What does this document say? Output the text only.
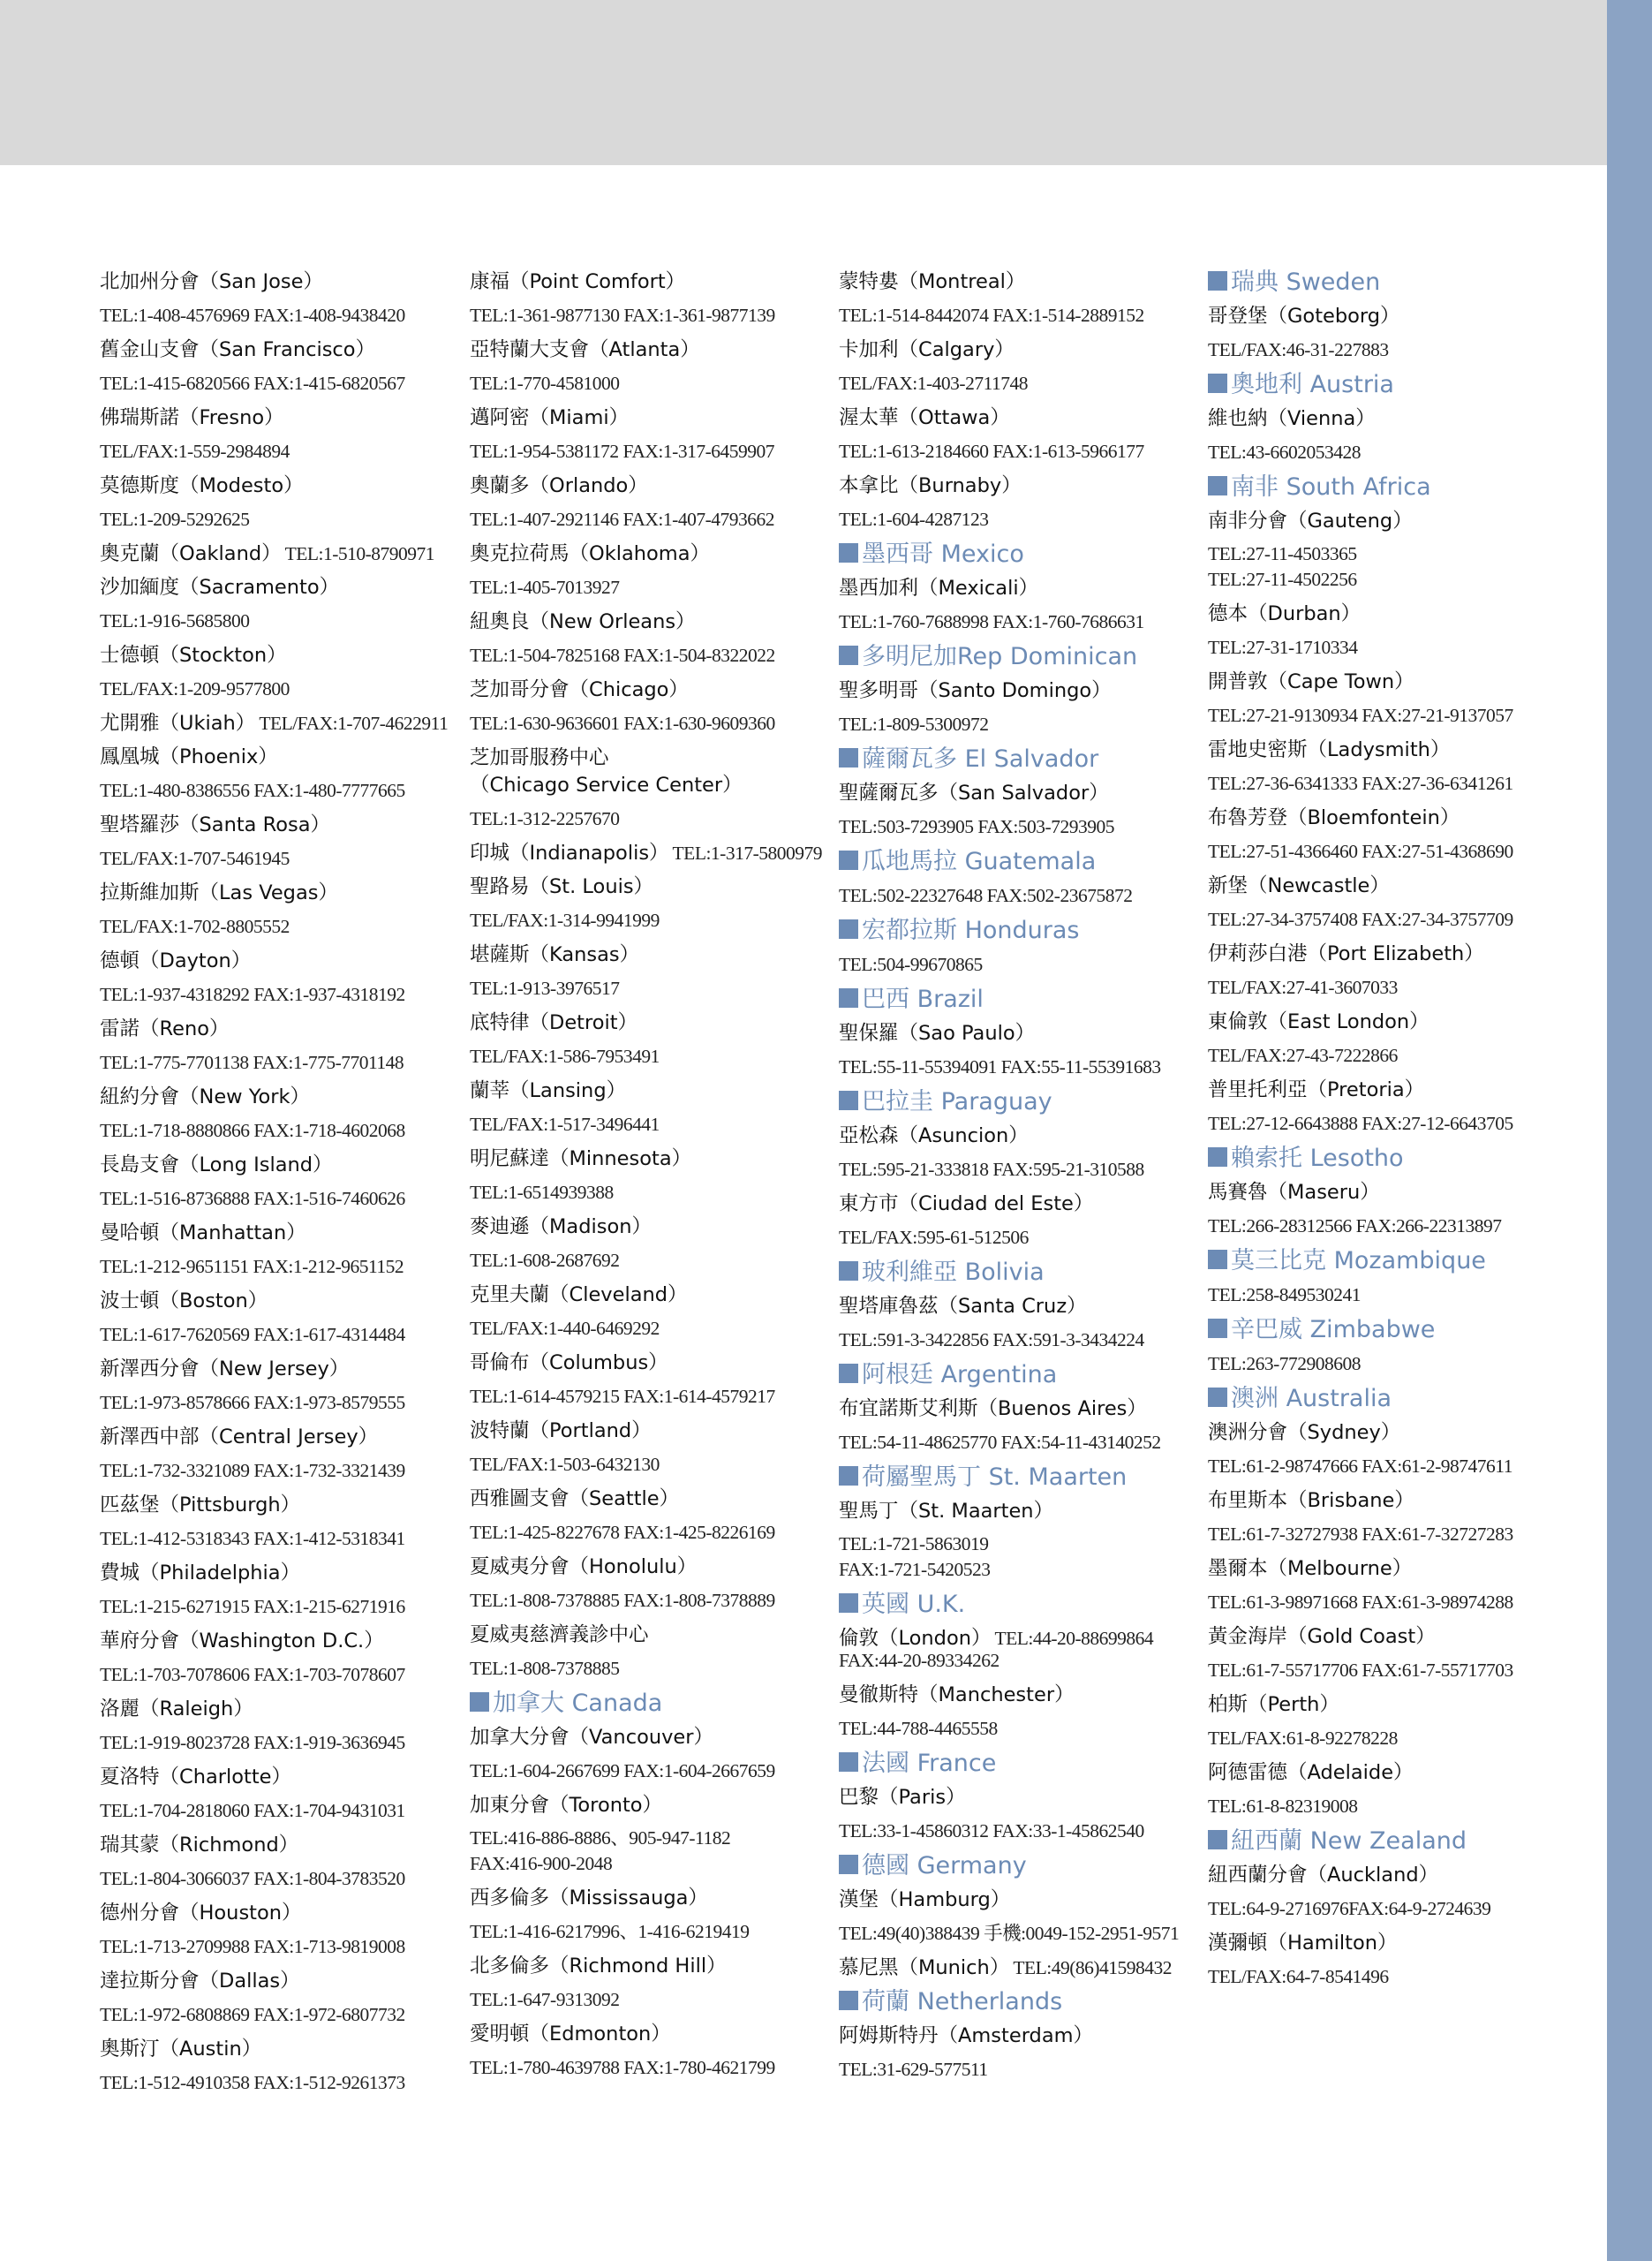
北加州分會（San Jose）
TEL:1-408-4576969 FAX:1-408-9438420
舊金山支會（San Francisco）
TEL:1-415-6820566 FAX:1-415-6820567
佛瑞斯諾（Fresno）
TEL/FAX:1-559-2984894
莫德斯度（Modesto）
TEL:1-209-5292625
奧克蘭（Oakland） TEL:1-510-8790971
沙加緬度（Sacramento）
TEL:1-916-5685800
士德頓（Stockton）
TEL/FAX:1-209-9577800
尤開雅（Ukiah） TEL/FAX:1-707-4622911
鳳凰城（Phoenix）
TEL:1-480-8386556 FAX:1-480-7777665
聖塔羅莎（Santa Rosa）
TEL/FAX:1-707-5461945
拉斯維加斯（Las Vegas）
TEL/FAX:1-702-8805552
德頓（Dayton）
TEL:1-937-4318292 FAX:1-937-4318192
雷諾（Reno）
TEL:1-775-7701138 FAX:1-775-7701148
紐約分會（New York）
TEL:1-718-8880866 FAX:1-718-4602068
長島支會（Long Island）
TEL:1-516-8736888 FAX:1-516-7460626
曼哈頓（Manhattan）
TEL:1-212-9651151 FAX:1-212-9651152
波士頓（Boston）
TEL:1-617-7620569 FAX:1-617-4314484
新澤西分會（New Jersey）
TEL:1-973-8578666 FAX:1-973-8579555
新澤西中部（Central Jersey）
TEL:1-732-3321089 FAX:1-732-3321439
匹茲堡（Pittsburgh）
TEL:1-412-5318343 FAX:1-412-5318341
費城（Philadelphia）
TEL:1-215-6271915 FAX:1-215-6271916
華府分會（Washington D.C.）
TEL:1-703-7078606 FAX:1-703-7078607
洛麗（Raleigh）
TEL:1-919-8023728 FAX:1-919-3636945
夏洛特（Charlotte）
TEL:1-704-2818060 FAX:1-704-9431031
瑞其蒙（Richmond）
TEL:1-804-3066037 FAX:1-804-3783520
德州分會（Houston）
TEL:1-713-2709988 FAX:1-713-9819008
達拉斯分會（Dallas）
TEL:1-972-6808869 FAX:1-972-6807732
奧斯汀（Austin）
TEL:1-512-4910358 FAX:1-512-9261373
康福（Point Comfort）
TEL:1-361-9877130 FAX:1-361-9877139
亞特蘭大支會（Atlanta）
TEL:1-770-4581000
邁阿密（Miami）
TEL:1-954-5381172 FAX:1-317-6459907
奧蘭多（Orlando）
TEL:1-407-2921146 FAX:1-407-4793662
奧克拉荷馬（Oklahoma）
TEL:1-405-7013927
紐奧良（New Orleans）
TEL:1-504-7825168 FAX:1-504-8322022
芝加哥分會（Chicago）
TEL:1-630-9636601 FAX:1-630-9609360
芝加哥服務中心
（Chicago Service Center）
TEL:1-312-2257670
印城（Indianapolis） TEL:1-317-5800979
聖路易（St. Louis）
TEL/FAX:1-314-9941999
堪薩斯（Kansas）
TEL:1-913-3976517
底特律（Detroit）
TEL/FAX:1-586-7953491
蘭莘（Lansing）
TEL/FAX:1-517-3496441
明尼蘇達（Minnesota）
TEL:1-6514939388
麥迪遜（Madison）
TEL:1-608-2687692
克里夫蘭（Cleveland）
TEL/FAX:1-440-6469292
哥倫布（Columbus）
TEL:1-614-4579215 FAX:1-614-4579217
波特蘭（Portland）
TEL/FAX:1-503-6432130
西雅圖支會（Seattle）
TEL:1-425-8227678 FAX:1-425-8226169
夏威夷分會（Honolulu）
TEL:1-808-7378885 FAX:1-808-7378889
夏威夷慈濟義診中心
TEL:1-808-7378885
加拿大 Canada
加拿大分會（Vancouver）
TEL:1-604-2667699 FAX:1-604-2667659
加東分會（Toronto）
TEL:416-886-8886、905-947-1182
FAX:416-900-2048
西多倫多（Mississauga）
TEL:1-416-6217996、1-416-6219419
北多倫多（Richmond Hill）
TEL:1-647-9313092
愛明頓（Edmonton）
TEL:1-780-4639788 FAX:1-780-4621799
蒙特婁（Montreal）
TEL:1-514-8442074 FAX:1-514-2889152
卡加利（Calgary）
TEL/FAX:1-403-2711748
渥太華（Ottawa）
TEL:1-613-2184660 FAX:1-613-5966177
本拿比（Burnaby）
TEL:1-604-4287123
墨西哥 Mexico
墨西加利（Mexicali）
TEL:1-760-7688998 FAX:1-760-7686631
多明尼加Rep Dominican
聖多明哥（Santo Domingo）
TEL:1-809-5300972
薩爾瓦多 El Salvador
聖薩爾瓦多（San Salvador）
TEL:503-7293905 FAX:503-7293905
瓜地馬拉 Guatemala
TEL:502-22327648 FAX:502-23675872
宏都拉斯 Honduras
TEL:504-99670865
巴西 Brazil
聖保羅（Sao Paulo）
TEL:55-11-55394091 FAX:55-11-55391683
巴拉圭 Paraguay
亞松森（Asuncion）
TEL:595-21-333818 FAX:595-21-310588
東方市（Ciudad del Este）
TEL/FAX:595-61-512506
玻利維亞 Bolivia
聖塔庫魯茲（Santa Cruz）
TEL:591-3-3422856 FAX:591-3-3434224
阿根廷 Argentina
布宜諾斯艾利斯（Buenos Aires）
TEL:54-11-48625770 FAX:54-11-43140252
荷屬聖馬丁 St. Maarten
聖馬丁（St. Maarten）
TEL:1-721-5863019
FAX:1-721-5420523
英國 U.K.
倫敦（London） TEL:44-20-88699864
FAX:44-20-89334262
曼徹斯特（Manchester）
TEL:44-788-4465558
法國 France
巴黎（Paris）
TEL:33-1-45860312 FAX:33-1-45862540
德國 Germany
漢堡（Hamburg）
TEL:49(40)388439 手機:0049-152-2951-9571
慕尼黑（Munich） TEL:49(86)41598432
荷蘭 Netherlands
阿姆斯特丹（Amsterdam）
TEL:31-629-577511
瑞典 Sweden
哥登堡（Goteborg）
TEL/FAX:46-31-227883
奧地利 Austria
維也納（Vienna）
TEL:43-6602053428
南非 South Africa
南非分會（Gauteng）
TEL:27-11-4503365
TEL:27-11-4502256
德本（Durban）
TEL:27-31-1710334
開普敦（Cape Town）
TEL:27-21-9130934 FAX:27-21-9137057
雷地史密斯（Ladysmith）
TEL:27-36-6341333 FAX:27-36-6341261
布魯芳登（Bloemfontein）
TEL:27-51-4366460 FAX:27-51-4368690
新堡（Newcastle）
TEL:27-34-3757408 FAX:27-34-3757709
伊莉莎白港（Port Elizabeth）
TEL/FAX:27-41-3607033
東倫敦（East London）
TEL/FAX:27-43-7222866
普里托利亞（Pretoria）
TEL:27-12-6643888 FAX:27-12-6643705
賴索托 Lesotho
馬賽魯（Maseru）
TEL:266-28312566 FAX:266-22313897
莫三比克 Mozambique
TEL:258-849530241
辛巴威 Zimbabwe
TEL:263-772908608
澳洲 Australia
澳洲分會（Sydney）
TEL:61-2-98747666 FAX:61-2-98747611
布里斯本（Brisbane）
TEL:61-7-32727938 FAX:61-7-32727283
墨爾本（Melbourne）
TEL:61-3-98971668 FAX:61-3-98974288
黃金海岸（Gold Coast）
TEL:61-7-55717706 FAX:61-7-55717703
柏斯（Perth）
TEL/FAX:61-8-92278228
阿德雷德（Adelaide）
TEL:61-8-82319008
紐西蘭 New Zealand
紐西蘭分會（Auckland）
TEL:64-9-2716976FAX:64-9-2724639
漢彌頓（Hamilton）
TEL/FAX:64-7-8541496
